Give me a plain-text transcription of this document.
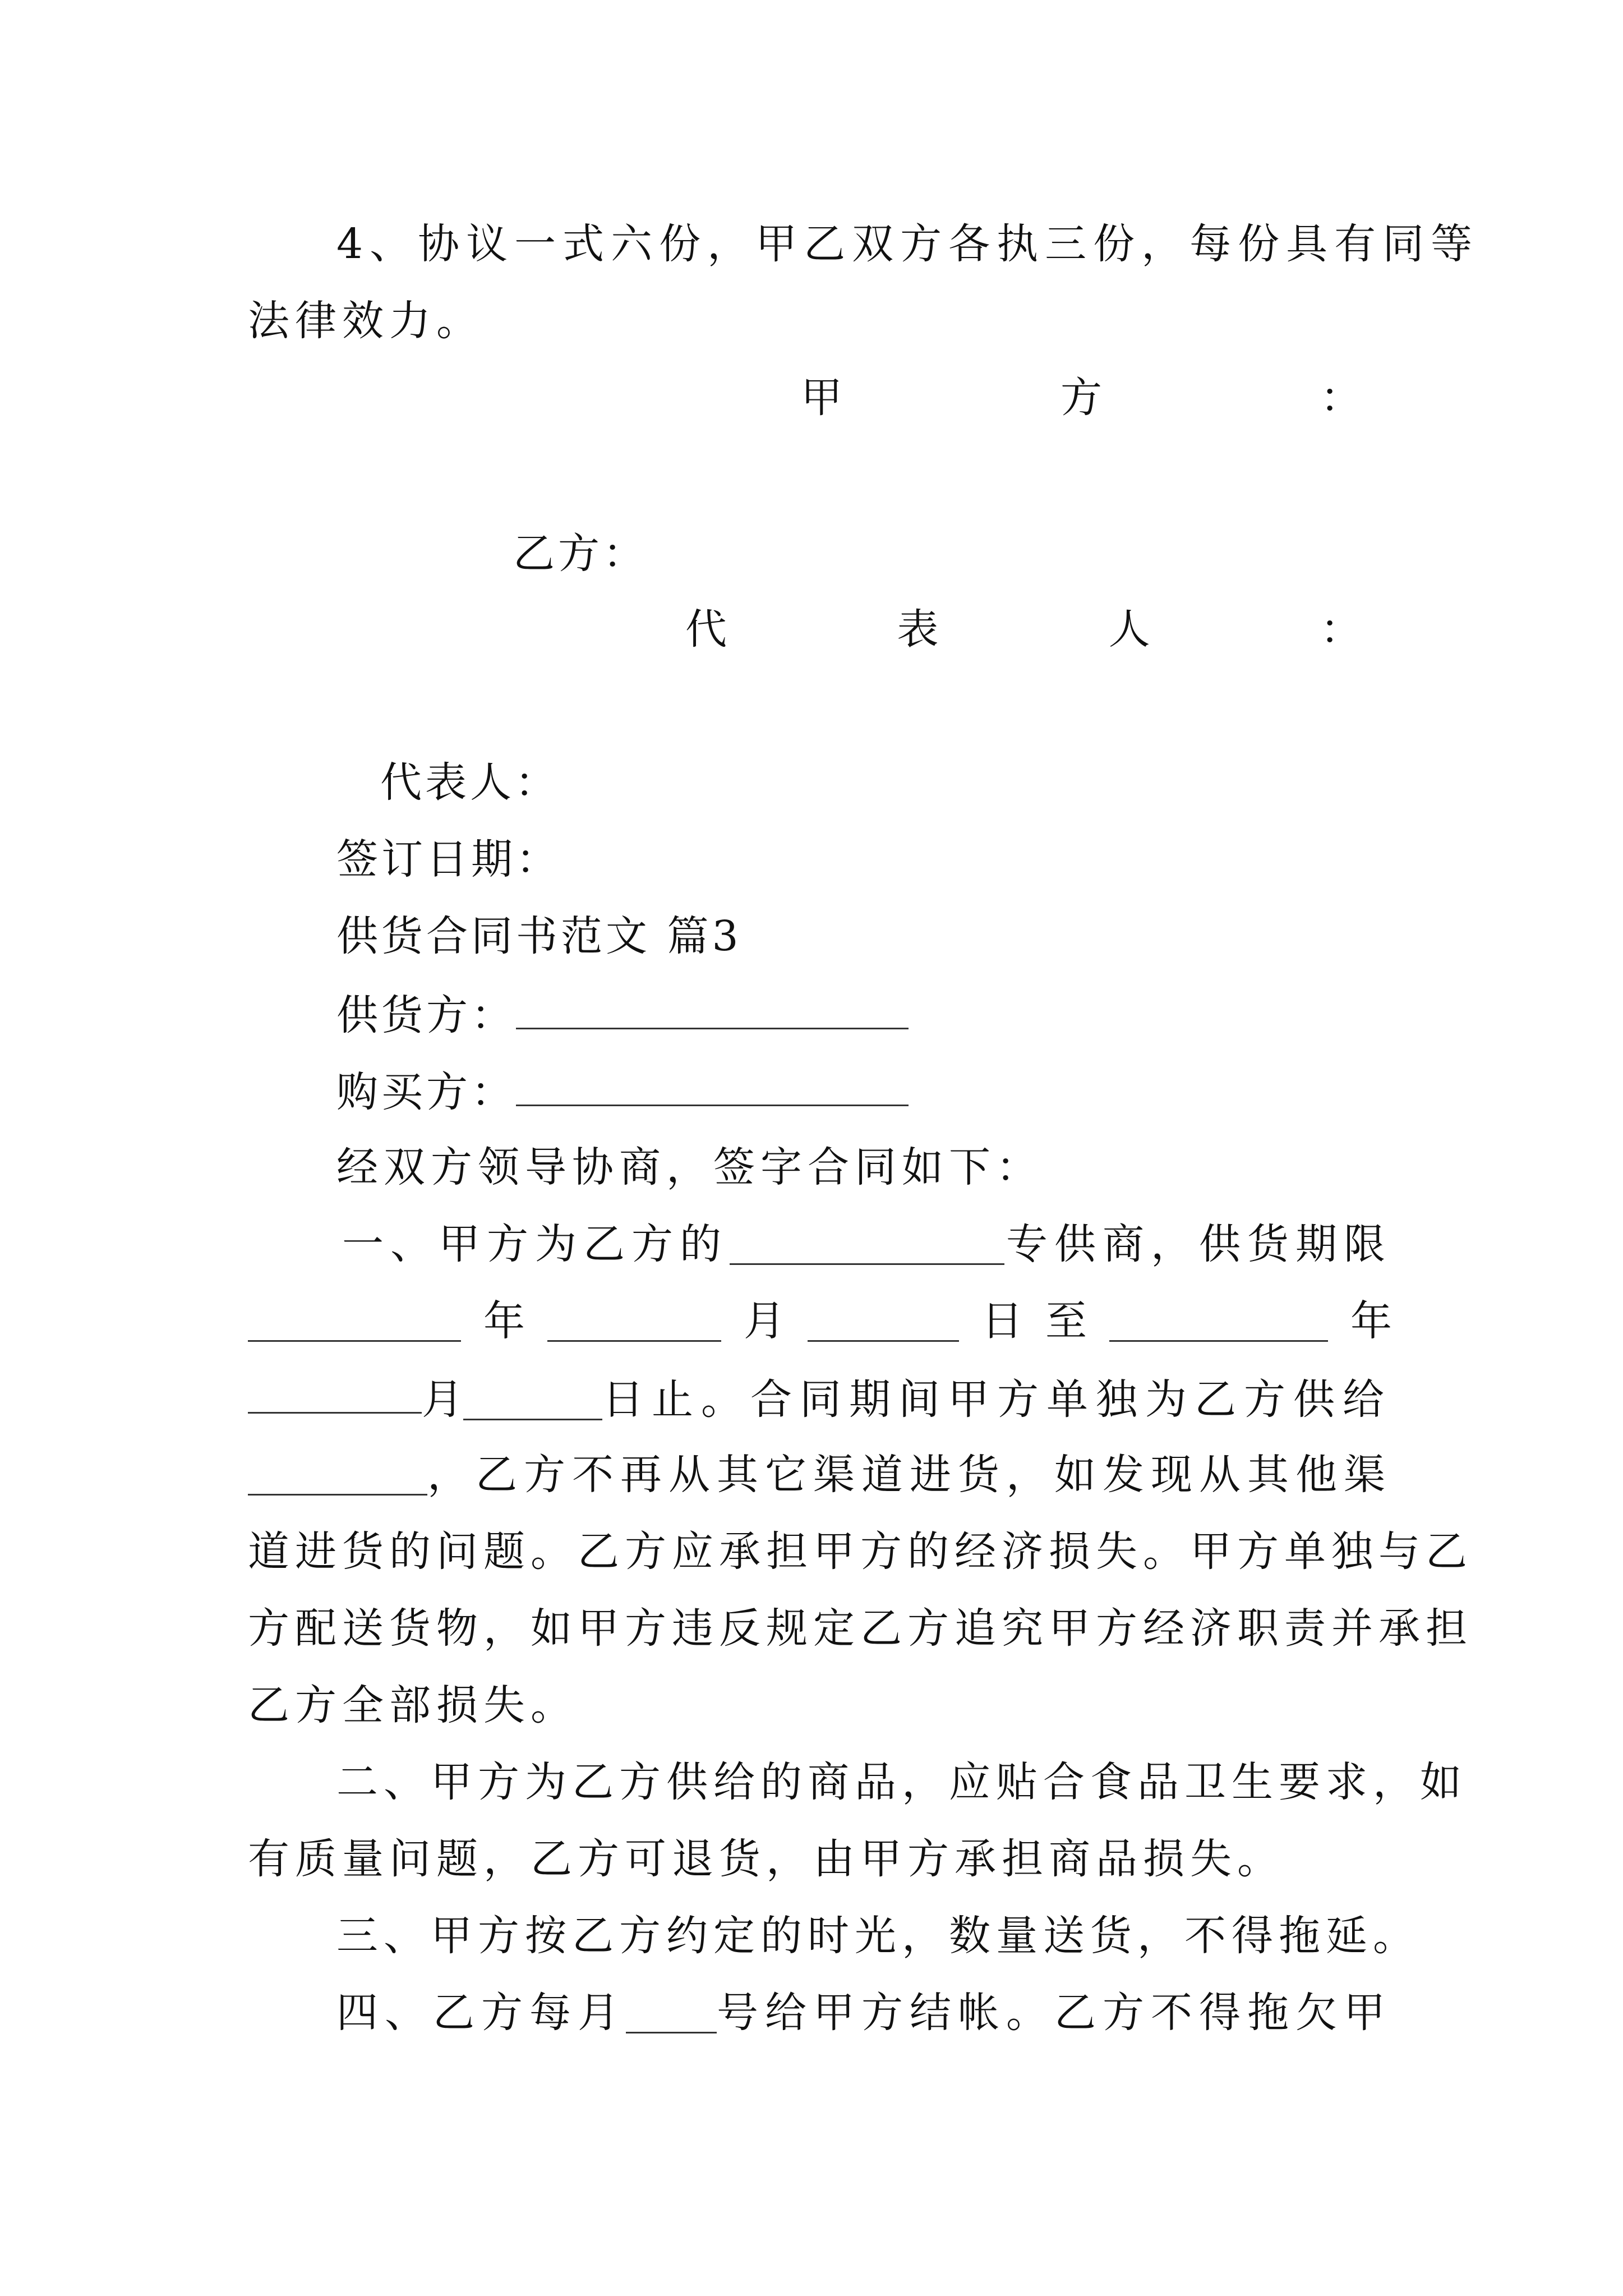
4、协议一式六份，甲乙双方各执三份，每份具有同等
法律效力。
甲	方	：
乙方：
代	表	人	：
代表人：
签订日期：
供货合同书范文 篇3
供货方：
购买方：
经双方领导协商，签字合同如下：
一、甲方为乙方的	专供商，供货期限
年	月	日 至	年
月	日止。合同期间甲方单独为乙方供给
，乙方不再从其它渠道进货，如发现从其他渠
道进货的问题。乙方应承担甲方的经济损失。甲方单独与乙
方配送货物，如甲方违反规定乙方追究甲方经济职责并承担
乙方全部损失。
二、甲方为乙方供给的商品，应贴合食品卫生要求，如
有质量问题，乙方可退货，由甲方承担商品损失。
三、甲方按乙方约定的时光，数量送货，不得拖延。
四、乙方每月 号给甲方结帐。乙方不得拖欠甲
